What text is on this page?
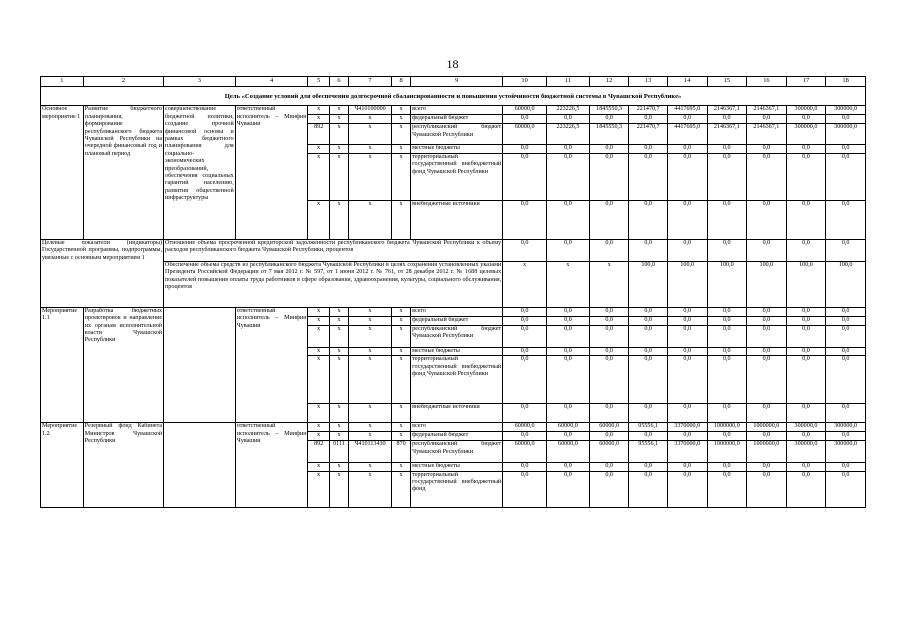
18
1	2	3	4	5	6	7	8	9	10	11	12	13	14	15	16	17	18
Цель «Создание условий для обеспечения долгосрочной сбалансированности и повышения устойчивости бюджетной системы в Чувашской Республике»																	
Основное мероприятие 1	Развитие бюджетного планирования, формирование республиканского бюджета Чувашской Республики на очередной финансовый год и плановый период	совершенствование бюджетной политики, создание прочной финансовой основы в рамках бюджетного планирования для социально-экономических преобразований, обеспечения социальных гарантий населению, развития общественной инфраструктуры	ответственный исполнитель – Минфин Чувашии	x	x	Ч410100000	x	всего	60000,0	223226,5	1845550,3	221470,7	4417695,0	2146367,1	2146367,1	300000,0	300000,0
				x	x	x	x	федеральный бюджет	0,0	0,0	0,0	0,0	0,0	0,0	0,0	0,0	0,0
				892	x	x	x	республиканский бюджет Чувашской Республики	60000,0	223226,5	1845550,3	221470,7	4417695,0	2146367,1	2146367,1	300000,0	300000,0
				x	x	x	x	местные бюджеты	0,0	0,0	0,0	0,0	0,0	0,0	0,0	0,0	0,0
				x	x	x	x	территориальный государственный внебюджетный фонд Чувашской Республики	0,0	0,0	0,0	0,0	0,0	0,0	0,0	0,0	0,0
				x	x	x	x	внебюджетные источники	0,0	0,0	0,0	0,0	0,0	0,0	0,0	0,0	0,0
Целевые показатели (индикаторы) Государственной программы, подпрограммы, увязанные с основным мероприятием 1		Отношение объема просроченной кредиторской задолженности республиканского бюджета Чувашской Республики к объему расходов республиканского бюджета Чувашской Республики, процентов							0,0	0,0	0,0	0,0	0,0	0,0	0,0	0,0	0,0
		Обеспечение объема средств из республиканского бюджета Чувашской Республики в целях сохранения установленных указами Президента Российской Федерации от 7 мая 2012 г. № 597, от 1 июня 2012 г. № 761, от 28 декабря 2012 г. № 1688 целевых показателей повышения оплаты труда работников в сфере образования, здравоохранения, культуры, социального обслуживания, процентов							x	x	x	100,0	100,0	100,0	100,0	100,0	100,0
Мероприятие 1.1	Разработка бюджетных проектировок и направление их органам исполнительной власти Чувашской Республики		ответственный исполнитель – Минфин Чувашии	x	x	x	x	всего	0,0	0,0	0,0	0,0	0,0	0,0	0,0	0,0	0,0
				x	x	x	x	федеральный бюджет	0,0	0,0	0,0	0,0	0,0	0,0	0,0	0,0	0,0
				x	x	x	x	республиканский бюджет Чувашской Республики	0,0	0,0	0,0	0,0	0,0	0,0	0,0	0,0	0,0
				x	x	x	x	местные бюджеты	0,0	0,0	0,0	0,0	0,0	0,0	0,0	0,0	0,0
				x	x	x	x	территориальный государственный внебюджетный фонд Чувашской Республики	0,0	0,0	0,0	0,0	0,0	0,0	0,0	0,0	0,0
				x	x	x	x	внебюджетные источники	0,0	0,0	0,0	0,0	0,0	0,0	0,0	0,0	0,0
Мероприятие 1.2	Резервный фонд Кабинета Министров Чувашской Республики		ответственный исполнитель – Минфин Чувашии	x	x	x	x	всего	60000,0	60000,0	60000,0	95556,1	3370000,0	1000000,0	1000000,0	300000,0	300000,0
				x	x	x	x	федеральный бюджет	0,0	0,0	0,0	0,0	0,0	0,0	0,0	0,0	0,0
				892	0111	Ч410113430	870	республиканский бюджет Чувашской Республики	60000,0	60000,0	60000,0	95556,1	3370000,0	1000000,0	1000000,0	300000,0	300000,0
				x	x	x	x	местные бюджеты	0,0	0,0	0,0	0,0	0,0	0,0	0,0	0,0	0,0
				x	x	x	x	территориальный государственный внебюджетный фонд	0,0	0,0	0,0	0,0	0,0	0,0	0,0	0,0	0,0
